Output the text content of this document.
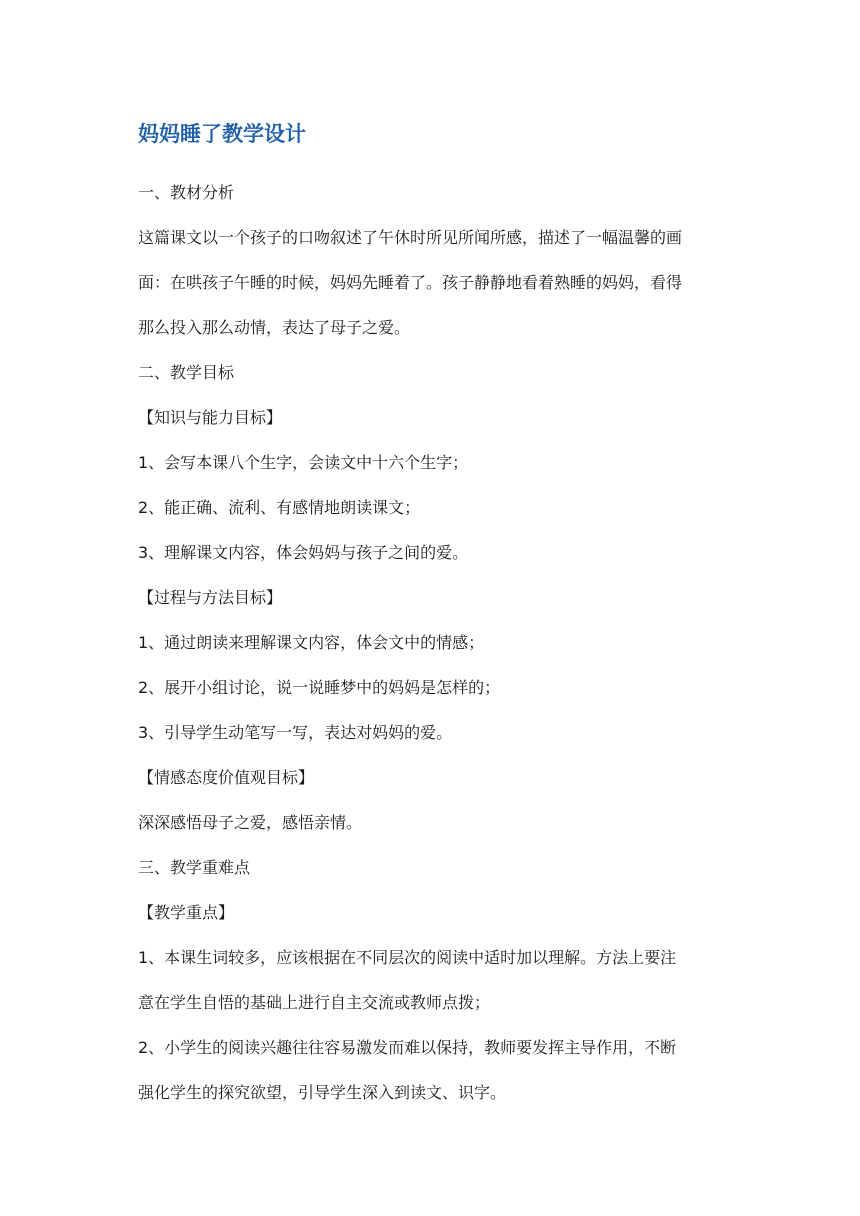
妈妈睡了教学设计
一、教材分析
这篇课文以一个孩子的口吻叙述了午休时所见所闻所感，描述了一幅温馨的画
面：在哄孩子午睡的时候，妈妈先睡着了。孩子静静地看着熟睡的妈妈，看得
那么投入那么动情，表达了母子之爱。
二、教学目标
【知识与能力目标】
1、会写本课八个生字，会读文中十六个生字；
2、能正确、流利、有感情地朗读课文；
3、理解课文内容，体会妈妈与孩子之间的爱。
【过程与方法目标】
1、通过朗读来理解课文内容，体会文中的情感；
2、展开小组讨论，说一说睡梦中的妈妈是怎样的；
3、引导学生动笔写一写，表达对妈妈的爱。
【情感态度价值观目标】
深深感悟母子之爱，感悟亲情。
三、教学重难点
【教学重点】
1、本课生词较多，应该根据在不同层次的阅读中适时加以理解。方法上要注
意在学生自悟的基础上进行自主交流或教师点拨；
2、小学生的阅读兴趣往往容易激发而难以保持，教师要发挥主导作用，不断
强化学生的探究欲望，引导学生深入到读文、识字。
